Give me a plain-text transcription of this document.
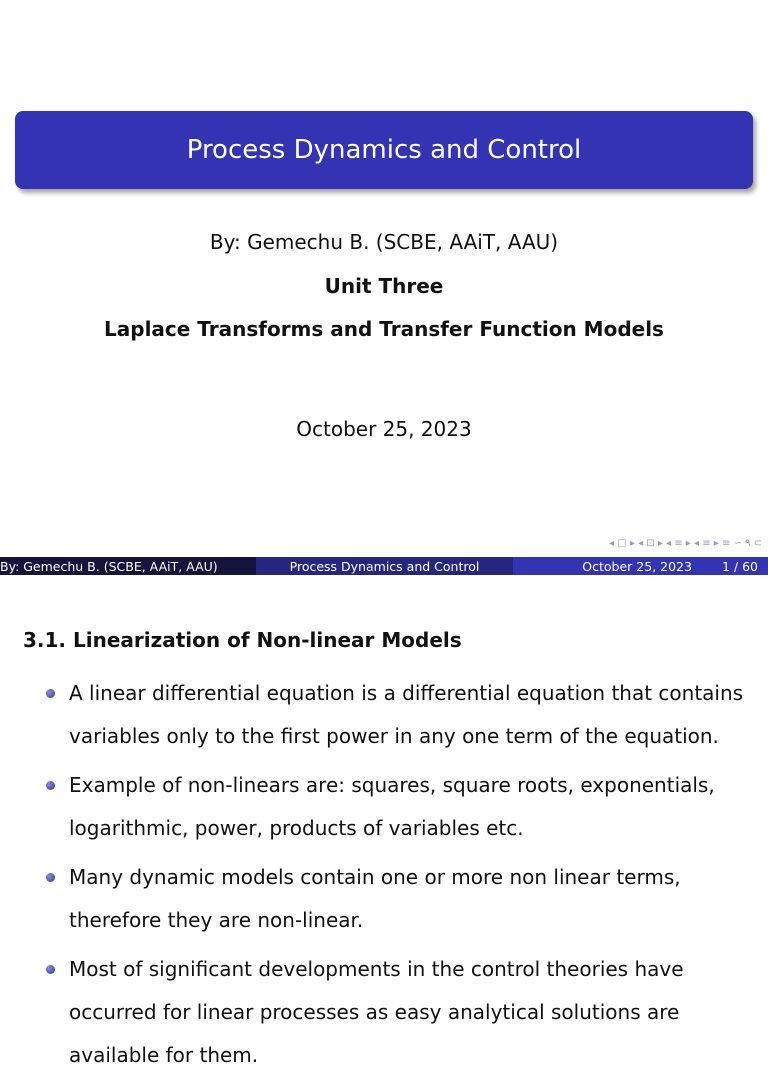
Process Dynamics and Control
By: Gemechu B. (SCBE, AAiT, AAU)
Unit Three
Laplace Transforms and Transfer Function Models
October 25, 2023
◂ □ ▸ ◂ ⊡ ▸ ◂ ≡ ▸ ◂ ≡ ▸ ≡ ∽ ۹ ⊂
By: Gemechu B. (SCBE, AAiT, AAU)	Process Dynamics and Control	October 25, 2023 1 / 60
3.1. Linearization of Non-linear Models
A linear differential equation is a differential equation that contains variables only to the first power in any one term of the equation.
Example of non-linears are: squares, square roots, exponentials, logarithmic, power, products of variables etc.
Many dynamic models contain one or more non linear terms, therefore they are non-linear.
Most of significant developments in the control theories have occurred for linear processes as easy analytical solutions are available for them.
